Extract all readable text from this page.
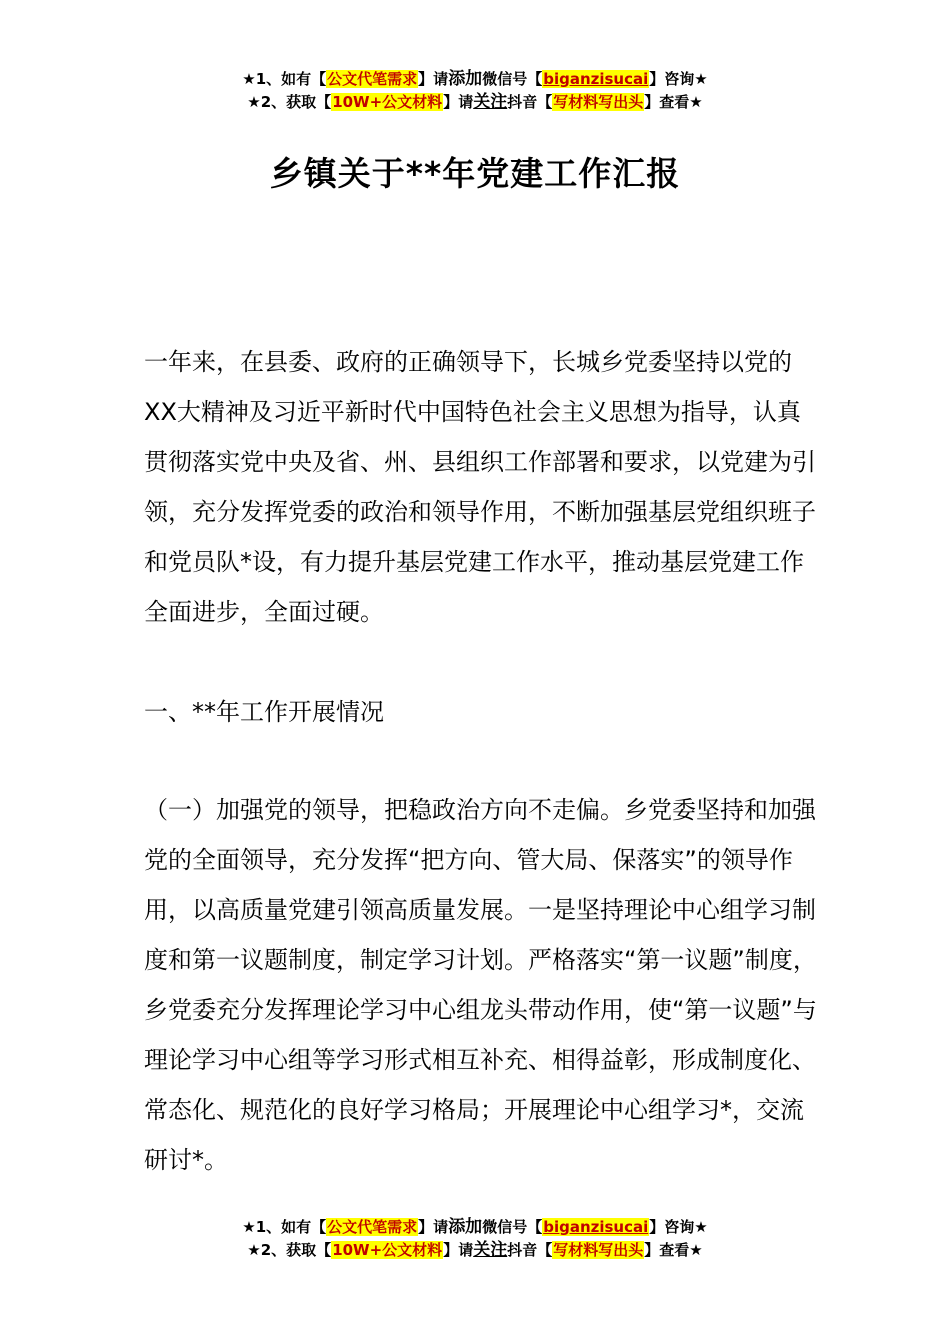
★1、如有【公文代笔需求】请添加微信号【biganzisucai】咨询★
★2、获取【10W+公文材料】请关注抖音【写材料写出头】查看★
乡镇关于**年党建工作汇报

一年来，在县委、政府的正确领导下，长城乡党委坚持以党的XX大精神及习近平新时代中国特色社会主义思想为指导，认真贯彻落实党中央及省、州、县组织工作部署和要求，以党建为引领，充分发挥党委的政治和领导作用，不断加强基层党组织班子和党员队*设，有力提升基层党建工作水平，推动基层党建工作全面进步，全面过硬。

一、**年工作开展情况

（一）加强党的领导，把稳政治方向不走偏。乡党委坚持和加强党的全面领导，充分发挥“把方向、管大局、保落实”的领导作用，以高质量党建引领高质量发展。一是坚持理论中心组学习制度和第一议题制度，制定学习计划。严格落实“第一议题”制度，乡党委充分发挥理论学习中心组龙头带动作用，使“第一议题”与理论学习中心组等学习形式相互补充、相得益彰，形成制度化、常态化、规范化的良好学习格局；开展理论中心组学习*，交流研讨*。

★1、如有【公文代笔需求】请添加微信号【biganzisucai】咨询★
★2、获取【10W+公文材料】请关注抖音【写材料写出头】查看★
